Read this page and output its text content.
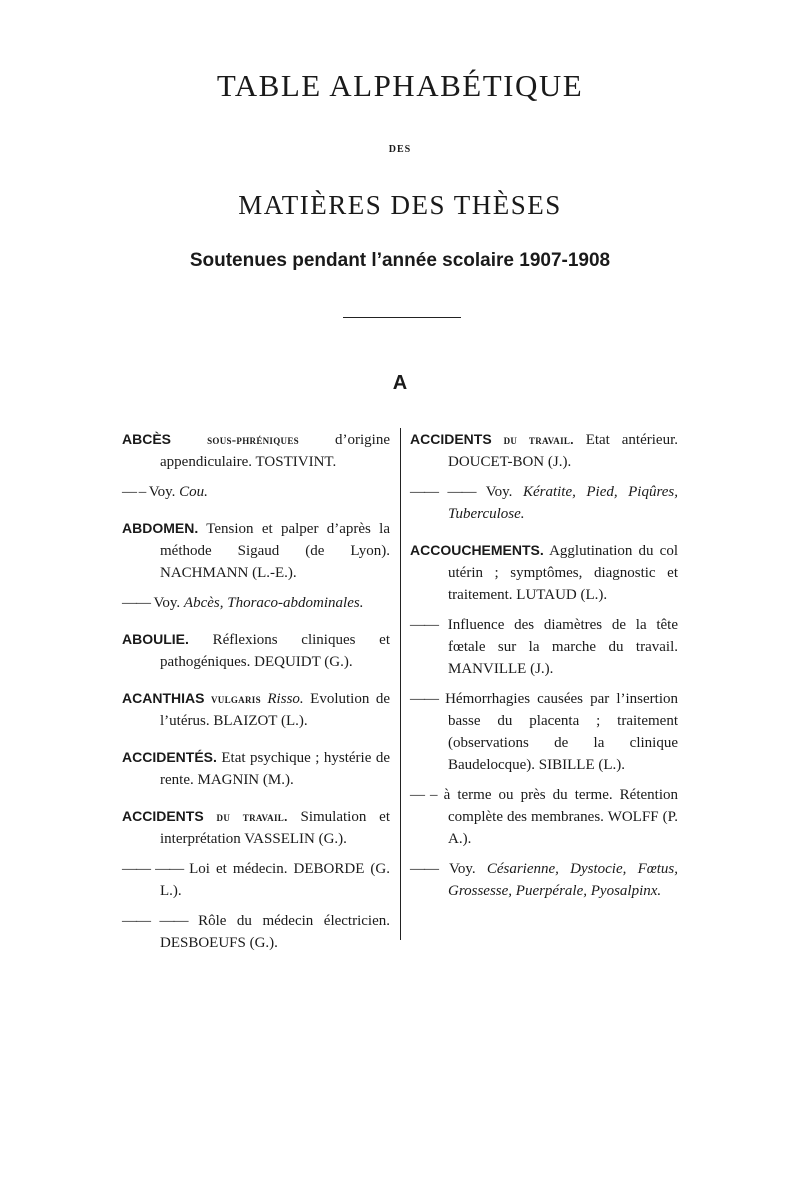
TABLE ALPHABÉTIQUE
DES
MATIÈRES DES THÈSES
Soutenues pendant l’année scolaire 1907-1908
A

ABCÈS	sous-phréniques d’origine appendiculaire. TOSTIVINT.

— – Voy. Cou.

ABDOMEN. Tension et palper d’après la méthode Sigaud (de Lyon). NACHMANN (L.-E.).

—— Voy. Abcès, Thoraco-abdominales.

ABOULIE. Réflexions cliniques et pathogéniques. DEQUIDT (G.).

ACANTHIAS vulgaris Risso. Evolution de l’utérus. BLAIZOT (L.).

ACCIDENTÉS. Etat psychique ; hystérie de rente. MAGNIN (M.).

ACCIDENTS du travail. Simulation et interprétation VASSELIN (G.).

—— —— Loi et médecin. DEBORDE (G. L.).

—— —— Rôle du médecin électricien. DESBOEUFS (G.).

ACCIDENTS du travail. Etat antérieur. DOUCET-BON (J.).

—— —— Voy. Kératite, Pied, Piqûres, Tuberculose.

ACCOUCHEMENTS. Agglutination du col utérin ; symptômes, diagnostic et traitement. LUTAUD (L.).

—— Influence des diamètres de la tête fœtale sur la marche du travail. MANVILLE (J.).

—— Hémorrhagies causées par l’insertion basse du placenta ; traitement (observations de la clinique Baudelocque). SIBILLE (L.).

— – à terme ou près du terme. Rétention complète des membranes. WOLFF (P. A.).

—— Voy. Césarienne, Dystocie, Fœtus, Grossesse, Puerpérale, Pyosalpinx.
